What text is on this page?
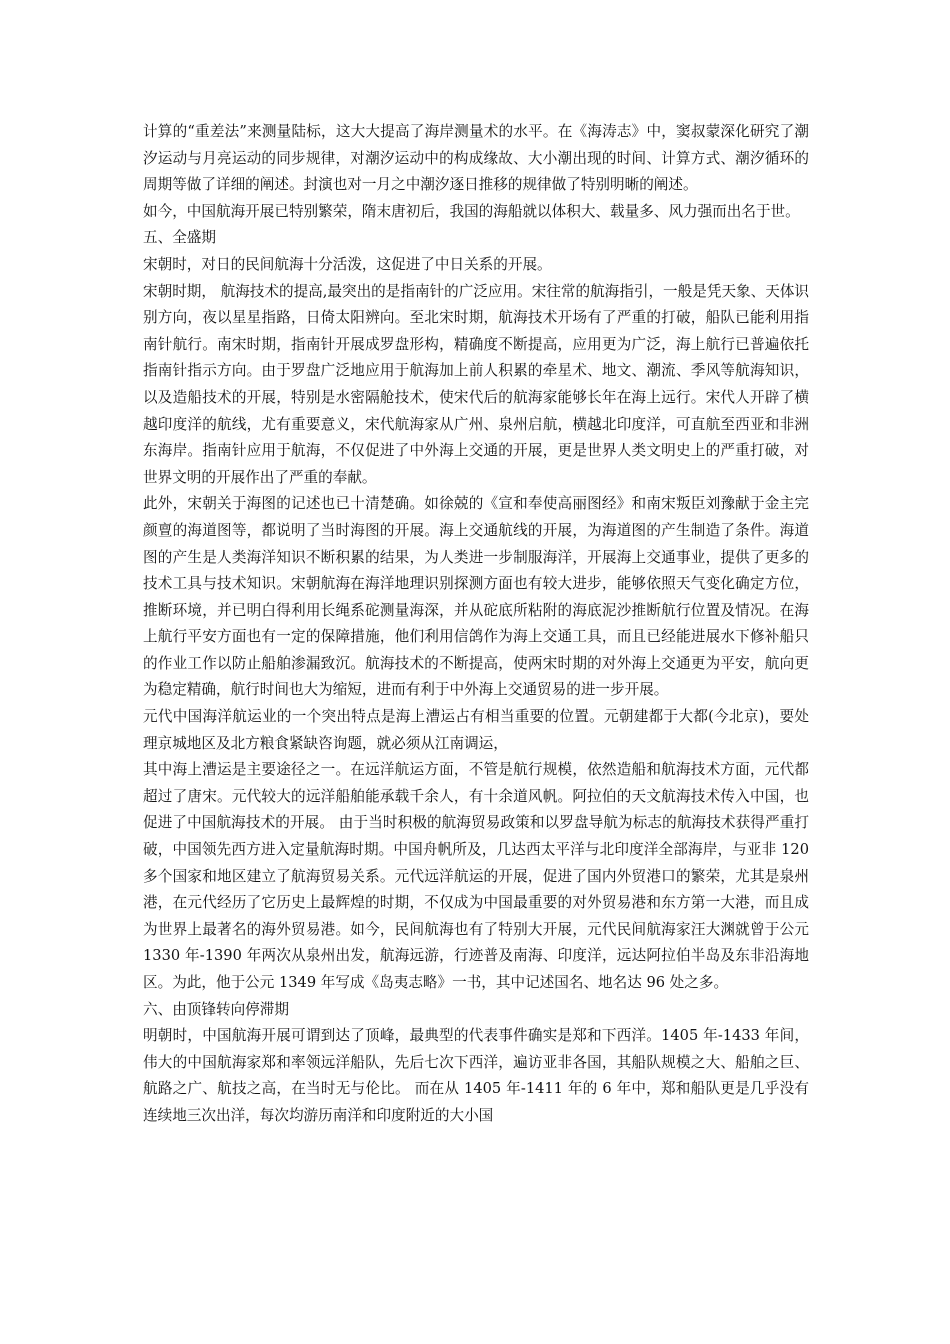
计算的“重差法”来测量陆标，这大大提高了海岸测量术的水平。在《海涛志》中，窦叔蒙深化研究了潮汐运动与月亮运动的同步规律，对潮汐运动中的构成缘故、大小潮出现的时间、计算方式、潮汐循环的周期等做了详细的阐述。封演也对一月之中潮汐逐日推移的规律做了特别明晰的阐述。

如今，中国航海开展已特别繁荣，隋末唐初后，我国的海船就以体积大、载量多、风力强而出名于世。

五、全盛期

宋朝时，对日的民间航海十分活泼，这促进了中日关系的开展。

宋朝时期， 航海技术的提高,最突出的是指南针的广泛应用。宋往常的航海指引，一般是凭天象、天体识别方向，夜以星星指路，日倚太阳辨向。至北宋时期，航海技术开场有了严重的打破，船队已能利用指南针航行。南宋时期，指南针开展成罗盘形构，精确度不断提高，应用更为广泛，海上航行已普遍依托指南针指示方向。由于罗盘广泛地应用于航海加上前人积累的牵星术、地文、潮流、季风等航海知识，以及造船技术的开展，特别是水密隔舱技术，使宋代后的航海家能够长年在海上远行。宋代人开辟了横越印度洋的航线，尤有重要意义，宋代航海家从广州、泉州启航，横越北印度洋，可直航至西亚和非洲东海岸。指南针应用于航海，不仅促进了中外海上交通的开展，更是世界人类文明史上的严重打破，对世界文明的开展作出了严重的奉献。

此外，宋朝关于海图的记述也已十清楚确。如徐兢的《宣和奉使高丽图经》和南宋叛臣刘豫献于金主完颜亶的海道图等，都说明了当时海图的开展。海上交通航线的开展，为海道图的产生制造了条件。海道图的产生是人类海洋知识不断积累的结果，为人类进一步制服海洋，开展海上交通事业，提供了更多的技术工具与技术知识。宋朝航海在海洋地理识别探测方面也有较大进步，能够依照天气变化确定方位，推断环境，并已明白得利用长绳系砣测量海深，并从砣底所粘附的海底泥沙推断航行位置及情况。在海上航行平安方面也有一定的保障措施，他们利用信鸽作为海上交通工具，而且已经能进展水下修补船只的作业工作以防止船舶渗漏致沉。航海技术的不断提高，使两宋时期的对外海上交通更为平安，航向更为稳定精确，航行时间也大为缩短，进而有利于中外海上交通贸易的进一步开展。

元代中国海洋航运业的一个突出特点是海上漕运占有相当重要的位置。元朝建都于大都(今北京)，要处理京城地区及北方粮食紧缺咨询题，就必须从江南调运，

其中海上漕运是主要途径之一。在远洋航运方面，不管是航行规模，依然造船和航海技术方面，元代都超过了唐宋。元代较大的远洋船舶能承载千余人，有十余道风帆。阿拉伯的天文航海技术传入中国，也促进了中国航海技术的开展。 由于当时积极的航海贸易政策和以罗盘导航为标志的航海技术获得严重打破，中国领先西方进入定量航海时期。中国舟帆所及，几达西太平洋与北印度洋全部海岸，与亚非 120 多个国家和地区建立了航海贸易关系。元代远洋航运的开展，促进了国内外贸港口的繁荣，尤其是泉州港，在元代经历了它历史上最辉煌的时期，不仅成为中国最重要的对外贸易港和东方第一大港，而且成为世界上最著名的海外贸易港。如今，民间航海也有了特别大开展，元代民间航海家汪大渊就曾于公元 1330 年-1390 年两次从泉州出发，航海远游，行迹普及南海、印度洋，远达阿拉伯半岛及东非沿海地区。为此，他于公元 1349 年写成《岛夷志略》一书，其中记述国名、地名达 96 处之多。

六、由顶锋转向停滞期

明朝时，中国航海开展可谓到达了顶峰，最典型的代表事件确实是郑和下西洋。1405 年-1433 年间，伟大的中国航海家郑和率领远洋船队，先后七次下西洋，遍访亚非各国，其船队规模之大、船舶之巨、航路之广、航技之高，在当时无与伦比。 而在从 1405 年-1411 年的 6 年中，郑和船队更是几乎没有连续地三次出洋，每次均游历南洋和印度附近的大小国
